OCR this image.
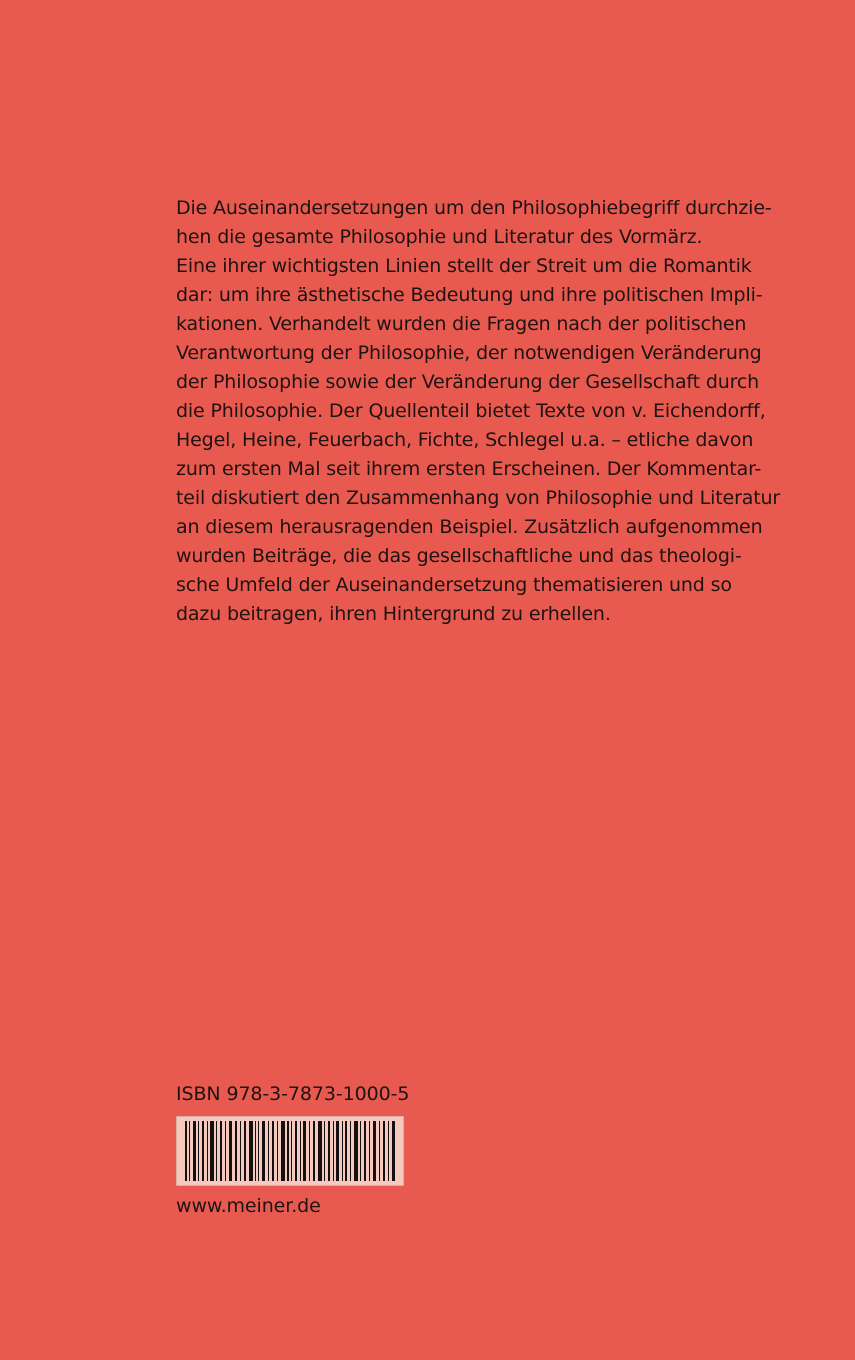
Die Auseinandersetzungen um den Philosophiebegriff durchzie-
hen die gesamte Philosophie und Literatur des Vormärz.
Eine ihrer wichtigsten Linien stellt der Streit um die Romantik
dar: um ihre ästhetische Bedeutung und ihre politischen Impli-
kationen. Verhandelt wurden die Fragen nach der politischen
Verantwortung der Philosophie, der notwendigen Veränderung
der Philosophie sowie der Veränderung der Gesellschaft durch
die Philosophie. Der Quellenteil bietet Texte von v. Eichendorff,
Hegel, Heine, Feuerbach, Fichte, Schlegel u.a. – etliche davon
zum ersten Mal seit ihrem ersten Erscheinen. Der Kommentar-
teil diskutiert den Zusammenhang von Philosophie und Literatur
an diesem herausragenden Beispiel. Zusätzlich aufgenommen
wurden Beiträge, die das gesellschaftliche und das theologi-
sche Umfeld der Auseinandersetzung thematisieren und so
dazu beitragen, ihren Hintergrund zu erhellen.
ISBN 978-3-7873-1000-5
www.meiner.de
